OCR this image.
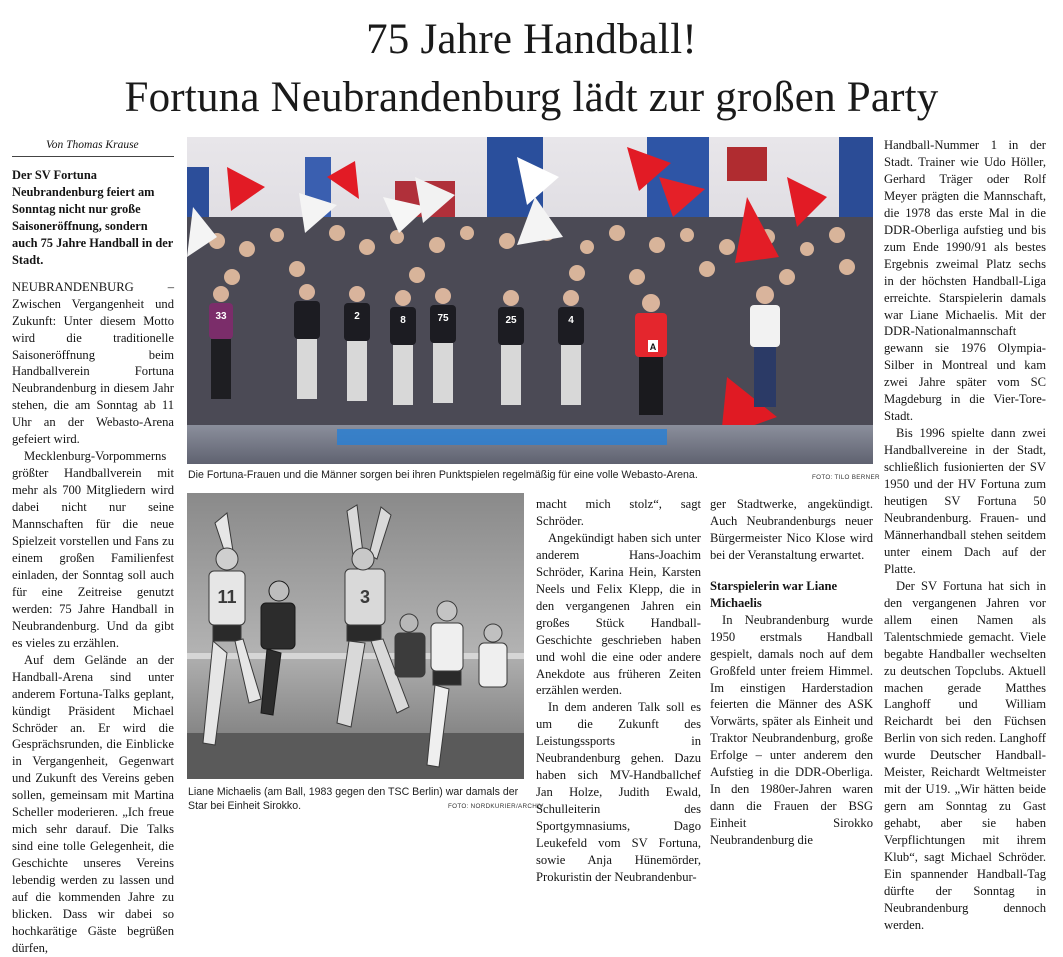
75 Jahre Handball!
Fortuna Neubrandenburg lädt zur großen Party

Von Thomas Krause

Der SV Fortuna Neubrandenburg feiert am Sonntag nicht nur große Saisoneröffnung, sondern auch 75 Jahre Handball in der Stadt.

NEUBRANDENBURG – Zwischen Vergangenheit und Zukunft: Unter diesem Motto wird die traditionelle Saisoneröffnung beim Handballverein Fortuna Neubrandenburg in diesem Jahr stehen, die am Sonntag ab 11 Uhr an der Webasto-Arena gefeiert wird.

Mecklenburg-Vorpommerns größter Handballverein mit mehr als 700 Mitgliedern wird dabei nicht nur seine Mannschaften für die neue Spielzeit vorstellen und Fans zu einem großen Familienfest einladen, der Sonntag soll auch für eine Zeitreise genutzt werden: 75 Jahre Handball in Neubrandenburg. Und da gibt es vieles zu erzählen.

Auf dem Gelände an der Handball-Arena sind unter anderem Fortuna-Talks geplant, kündigt Präsident Michael Schröder an. Er wird die Gesprächsrunden, die Einblicke in Vergangenheit, Gegenwart und Zukunft des Vereins geben sollen, gemeinsam mit Martina Scheller moderieren. „Ich freue mich sehr darauf. Die Talks sind eine tolle Gelegenheit, die Geschichte unseres Vereins lebendig werden zu lassen und auf die kommenden Jahre zu blicken. Dass wir dabei so hochkarätige Gäste begrüßen dürfen,

33	2	8	75	25	4
A
Die Fortuna-Frauen und die Männer sorgen bei ihren Punktspielen regelmäßig für eine volle Webasto-Arena.	FOTO: TILO BERNER
11	3
Liane Michaelis (am Ball, 1983 gegen den TSC Berlin) war damals der Star bei Einheit Sirokko.	FOTO: NORDKURIER/ARCHIV

macht mich stolz“, sagt Schröder.

Angekündigt haben sich unter anderem Hans-Joachim Schröder, Karina Hein, Karsten Neels und Felix Klepp, die in den vergangenen Jahren ein großes Stück Handball-Geschichte geschrieben haben und wohl die eine oder andere Anekdote aus früheren Zeiten erzählen werden.

In dem anderen Talk soll es um die Zukunft des Leistungssports in Neubrandenburg gehen. Dazu haben sich MV-Handballchef Jan Holze, Judith Ewald, Schulleiterin des Sportgymnasiums, Dago Leukefeld vom SV Fortuna, sowie Anja Hünemörder, Prokuristin der Neubrandenbur-

ger Stadtwerke, angekündigt. Auch Neubrandenburgs neuer Bürgermeister Nico Klose wird bei der Veranstaltung erwartet.

Starspielerin war Liane Michaelis

In Neubrandenburg wurde 1950 erstmals Handball gespielt, damals noch auf dem Großfeld unter freiem Himmel. Im einstigen Harderstadion feierten die Männer des ASK Vorwärts, später als Einheit und Traktor Neubrandenburg, große Erfolge – unter anderem den Aufstieg in die DDR-Oberliga. In den 1980er-Jahren waren dann die Frauen der BSG Einheit Sirokko Neubrandenburg die

Handball-Nummer 1 in der Stadt. Trainer wie Udo Höller, Gerhard Träger oder Rolf Meyer prägten die Mannschaft, die 1978 das erste Mal in die DDR-Oberliga aufstieg und bis zum Ende 1990/91 als bestes Ergebnis zweimal Platz sechs in der höchsten Handball-Liga erreichte. Starspielerin damals war Liane Michaelis. Mit der DDR-Nationalmannschaft gewann sie 1976 Olympia-Silber in Montreal und kam zwei Jahre später vom SC Magdeburg in die Vier-Tore-Stadt.

Bis 1996 spielte dann zwei Handballvereine in der Stadt, schließlich fusionierten der SV 1950 und der HV Fortuna zum heutigen SV Fortuna 50 Neubrandenburg. Frauen- und Männerhandball stehen seitdem unter einem Dach auf der Platte.

Der SV Fortuna hat sich in den vergangenen Jahren vor allem einen Namen als Talentschmiede gemacht. Viele begabte Handballer wechselten zu deutschen Topclubs. Aktuell machen gerade Matthes Langhoff und William Reichardt bei den Füchsen Berlin von sich reden. Langhoff wurde Deutscher Handball-Meister, Reichardt Weltmeister mit der U19. „Wir hätten beide gern am Sonntag zu Gast gehabt, aber sie haben Verpflichtungen mit ihrem Klub“, sagt Michael Schröder. Ein spannender Handball-Tag dürfte der Sonntag in Neubrandenburg dennoch werden.
